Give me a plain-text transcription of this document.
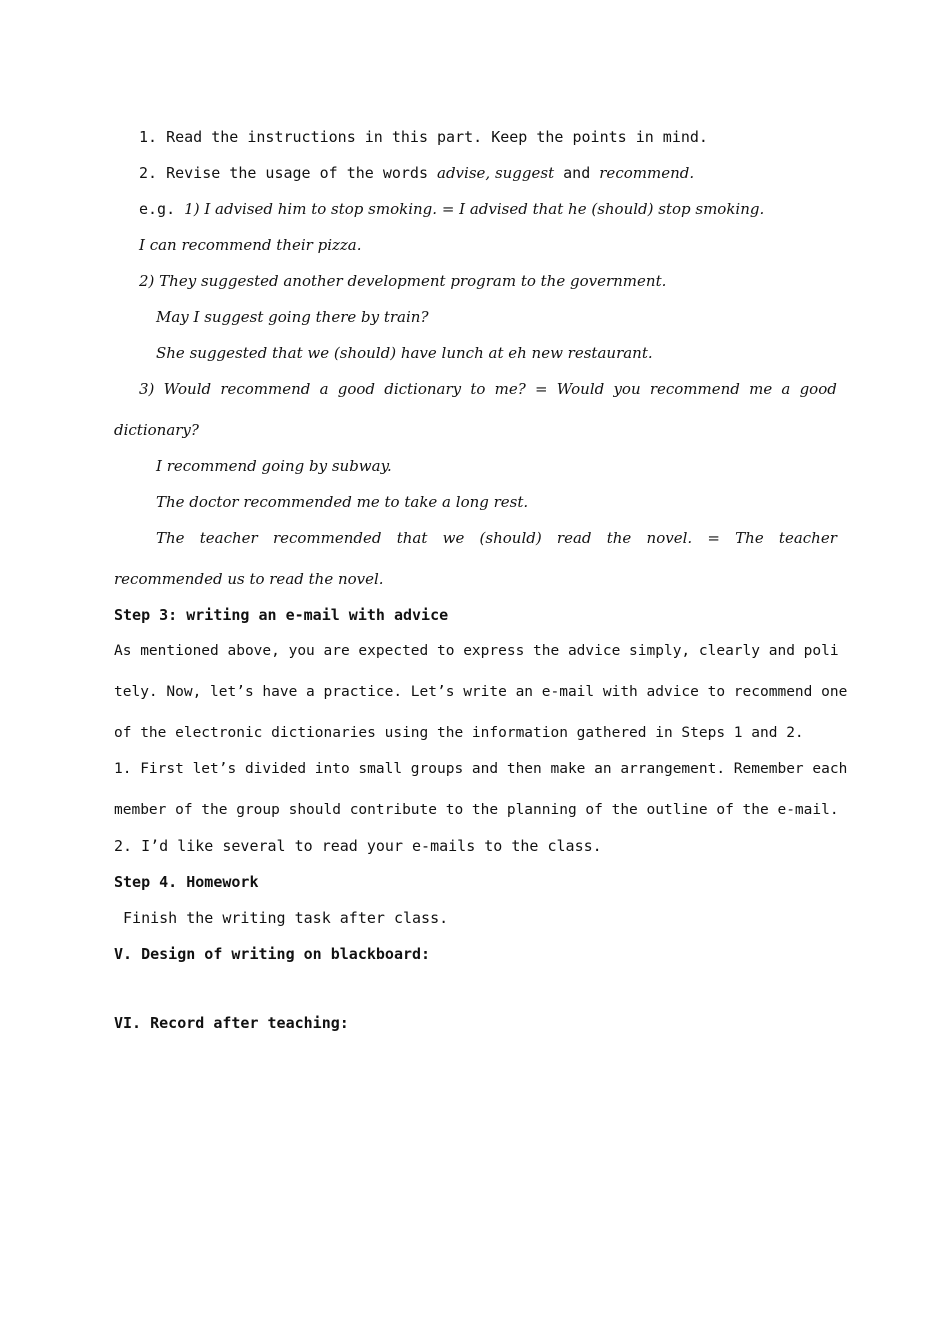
1. Read the instructions in this part. Keep the points in mind.
2. Revise the usage of the words advise, suggest and recommend.
e.g. 1) I advised him to stop smoking. = I advised that he (should) stop smoking.
I can recommend their pizza.
2) They suggested another development program to the government.
May I suggest going there by train?
She suggested that we (should) have lunch at eh new restaurant.
3) Would recommend a good dictionary to me? = Would you recommend me a good
dictionary?
I recommend going by subway.
The doctor recommended me to take a long rest.
The teacher recommended that we (should) read the novel. = The teacher
recommended us to read the novel.
Step 3: writing an e-mail with advice
As mentioned above, you are expected to express the advice simply, clearly and poli
tely. Now, let’s have a practice. Let’s write an e-mail with advice to recommend one
of the electronic dictionaries using the information gathered in Steps 1 and 2.
1. First let’s divided into small groups and then make an arrangement. Remember each
member of the group should contribute to the planning of the outline of the e-mail.
2. I’d like several to read your e-mails to the class.
Step 4. Homework
Finish the writing task after class.
V. Design of writing on blackboard:
VI. Record after teaching:
